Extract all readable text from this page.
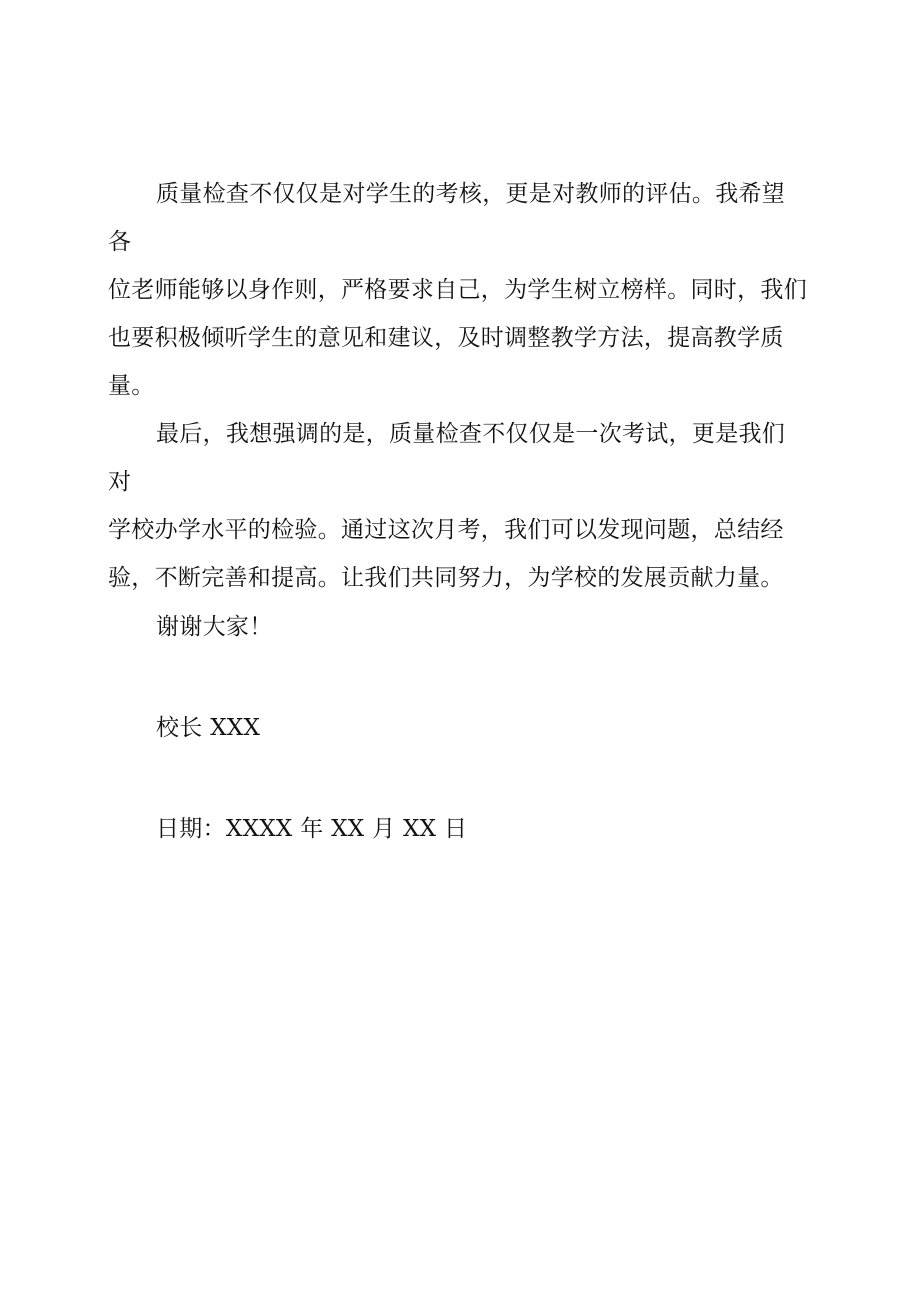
质量检查不仅仅是对学生的考核，更是对教师的评估。我希望各
位老师能够以身作则，严格要求自己，为学生树立榜样。同时，我们
也要积极倾听学生的意见和建议，及时调整教学方法，提高教学质
量。

最后，我想强调的是，质量检查不仅仅是一次考试，更是我们对
学校办学水平的检验。通过这次月考，我们可以发现问题，总结经
验，不断完善和提高。让我们共同努力，为学校的发展贡献力量。

谢谢大家！

校长 XXX

日期：XXXX 年 XX 月 XX 日
